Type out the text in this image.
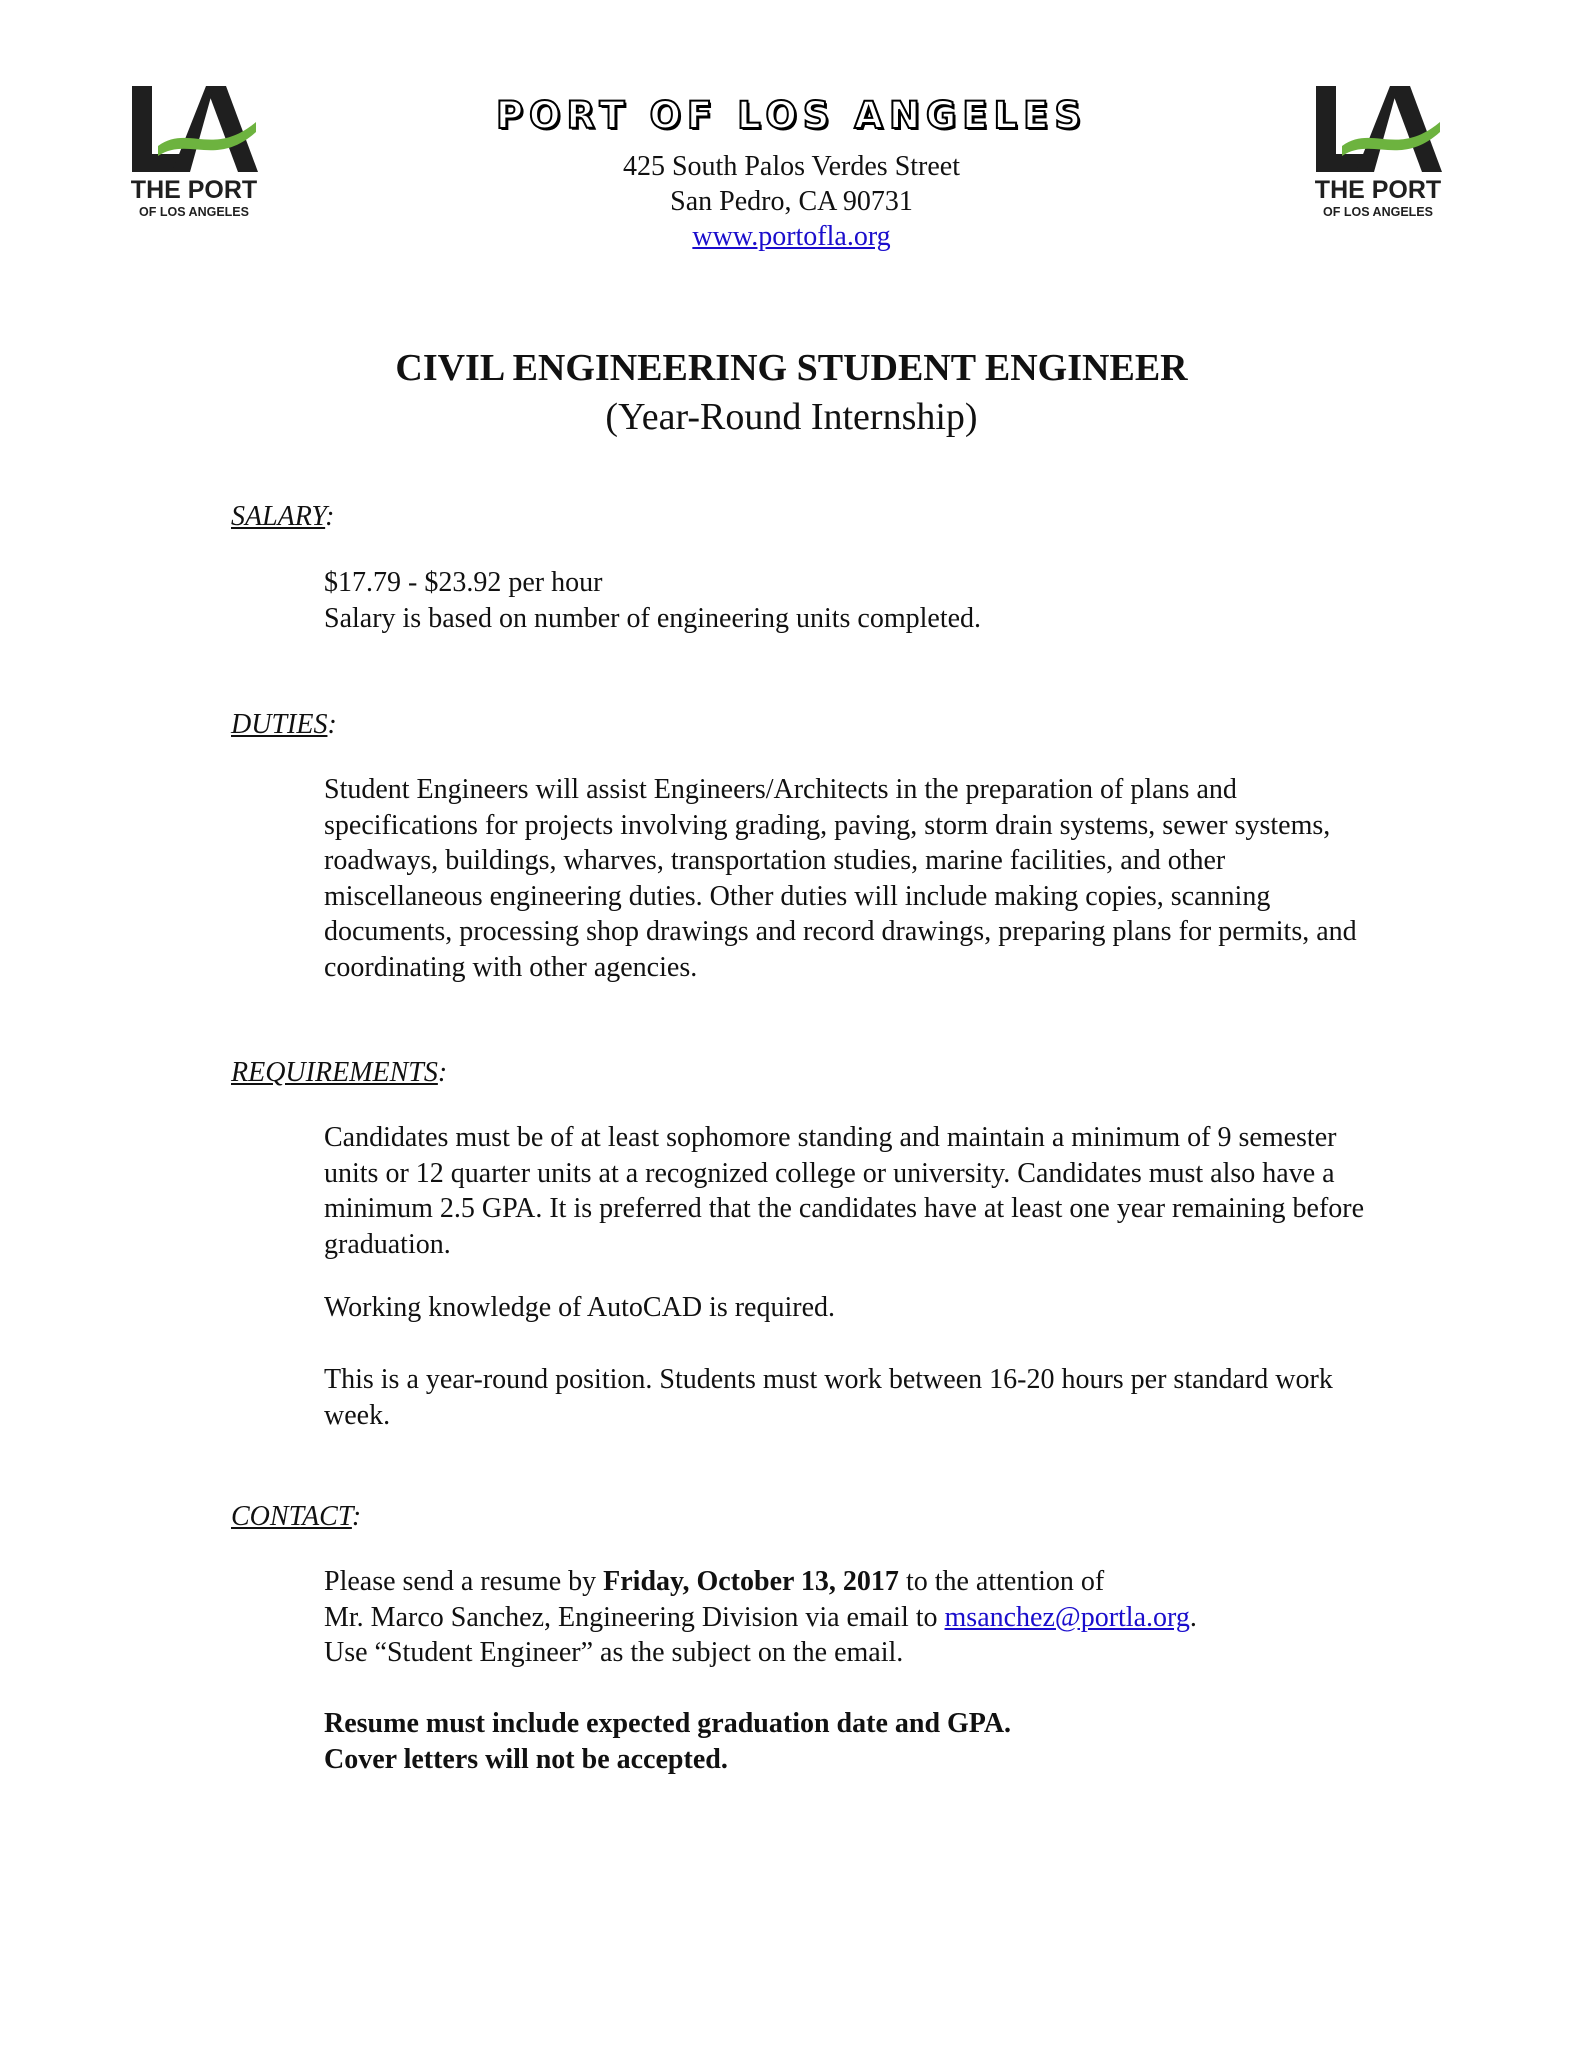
THE PORT
OF LOS ANGELES
THE PORT
OF LOS ANGELES
PORT OF LOS ANGELES
425 South Palos Verdes Street
San Pedro, CA 90731
www.portofla.org
CIVIL ENGINEERING STUDENT ENGINEER
(Year-Round Internship)
SALARY:

$17.79 - $23.92 per hour

Salary is based on number of engineering units completed.

DUTIES:

Student Engineers will assist Engineers/Architects in the preparation of plans and specifications for projects involving grading, paving, storm drain systems, sewer systems, roadways, buildings, wharves, transportation studies, marine facilities, and other miscellaneous engineering duties. Other duties will include making copies, scanning documents, processing shop drawings and record drawings, preparing plans for permits, and coordinating with other agencies.

REQUIREMENTS:

Candidates must be of at least sophomore standing and maintain a minimum of 9 semester units or 12 quarter units at a recognized college or university. Candidates must also have a minimum 2.5 GPA. It is preferred that the candidates have at least one year remaining before graduation.

Working knowledge of AutoCAD is required.

This is a year-round position. Students must work between 16-20 hours per standard work week.

CONTACT:

Please send a resume by Friday, October 13, 2017 to the attention of

Mr. Marco Sanchez, Engineering Division via email to msanchez@portla.org.

Use “Student Engineer” as the subject on the email.

Resume must include expected graduation date and GPA.

Cover letters will not be accepted.
